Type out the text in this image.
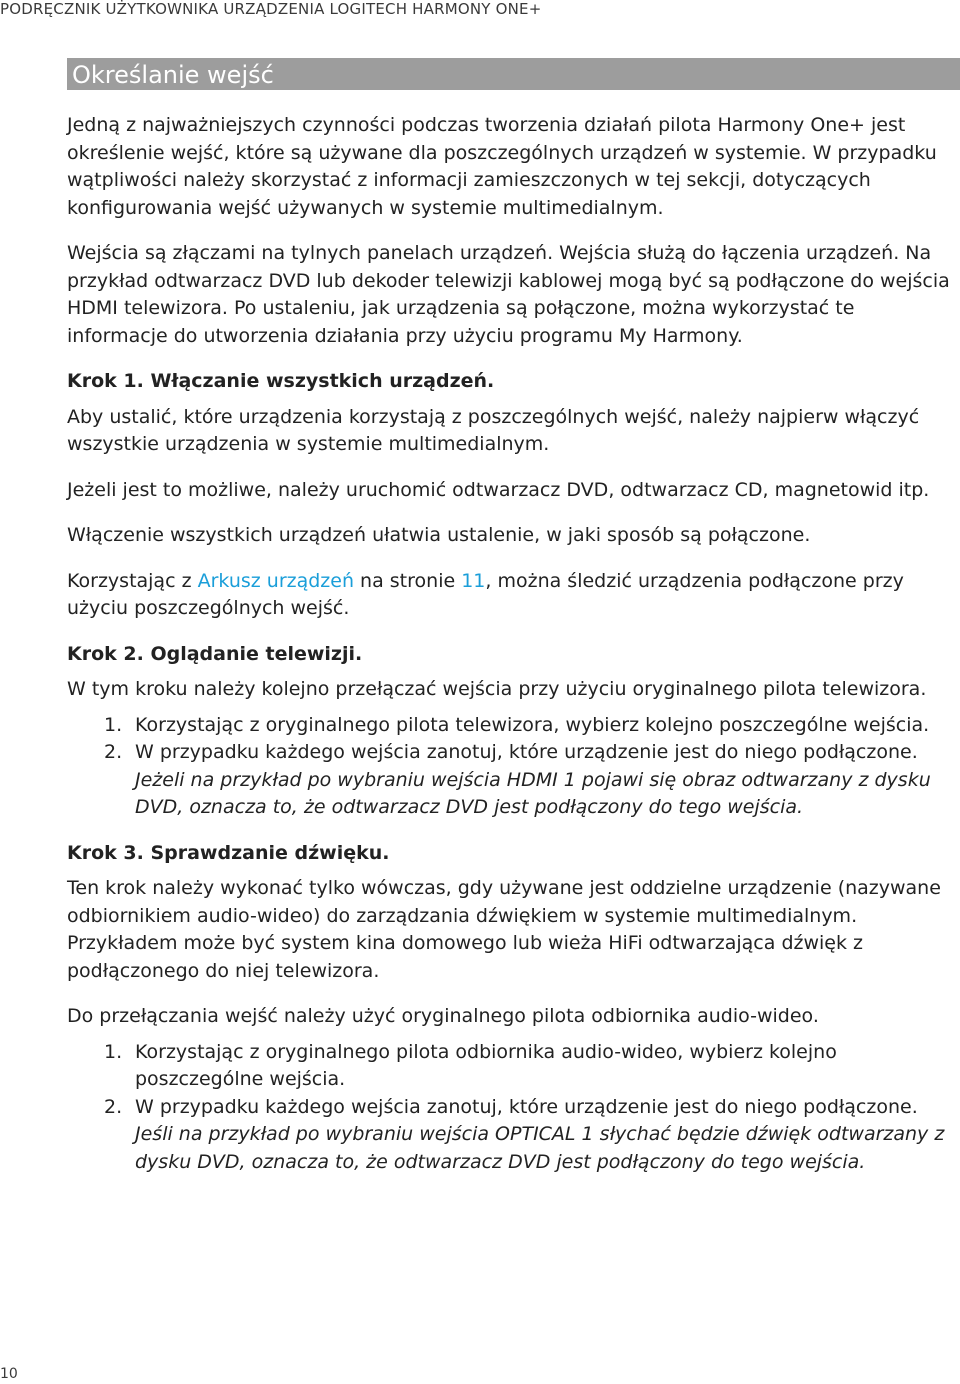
PODRĘCZNIK UŻYTKOWNIKA URZĄDZENIA LOGITECH HARMONY ONE+
Określanie wejść

Jedną z najważniejszych czynności podczas tworzenia działań pilota Harmony One+ jest określenie wejść, które są używane dla poszczególnych urządzeń w systemie. W przypadku wątpliwości należy skorzystać z informacji zamieszczonych w tej sekcji, dotyczących konfigurowania wejść używanych w systemie multimedialnym.

Wejścia są złączami na tylnych panelach urządzeń. Wejścia służą do łączenia urządzeń. Na przykład odtwarzacz DVD lub dekoder telewizji kablowej mogą być są podłączone do wejścia HDMI telewizora. Po ustaleniu, jak urządzenia są połączone, można wykorzystać te informacje do utworzenia działania przy użyciu programu My Harmony.

Krok 1. Włączanie wszystkich urządzeń.

Aby ustalić, które urządzenia korzystają z poszczególnych wejść, należy najpierw włączyć wszystkie urządzenia w systemie multimedialnym.

Jeżeli jest to możliwe, należy uruchomić odtwarzacz DVD, odtwarzacz CD, magnetowid itp.

Włączenie wszystkich urządzeń ułatwia ustalenie, w jaki sposób są połączone.

Korzystając z Arkusz urządzeń na stronie 11, można śledzić urządzenia podłączone przy użyciu poszczególnych wejść.

Krok 2. Oglądanie telewizji.

W tym kroku należy kolejno przełączać wejścia przy użyciu oryginalnego pilota telewizora.

1. Korzystając z oryginalnego pilota telewizora, wybierz kolejno poszczególne wejścia.
2. W przypadku każdego wejścia zanotuj, które urządzenie jest do niego podłączone.
Jeżeli na przykład po wybraniu wejścia HDMI 1 pojawi się obraz odtwarzany z dysku DVD, oznacza to, że odtwarzacz DVD jest podłączony do tego wejścia.

Krok 3. Sprawdzanie dźwięku.

Ten krok należy wykonać tylko wówczas, gdy używane jest oddzielne urządzenie (nazywane odbiornikiem audio-wideo) do zarządzania dźwiękiem w systemie multimedialnym. Przykładem może być system kina domowego lub wieża HiFi odtwarzająca dźwięk z podłączonego do niej telewizora.

Do przełączania wejść należy użyć oryginalnego pilota odbiornika audio-wideo.

1. Korzystając z oryginalnego pilota odbiornika audio-wideo, wybierz kolejno poszczególne wejścia.
2. W przypadku każdego wejścia zanotuj, które urządzenie jest do niego podłączone.
Jeśli na przykład po wybraniu wejścia OPTICAL 1 słychać będzie dźwięk odtwarzany z dysku DVD, oznacza to, że odtwarzacz DVD jest podłączony do tego wejścia.
10
